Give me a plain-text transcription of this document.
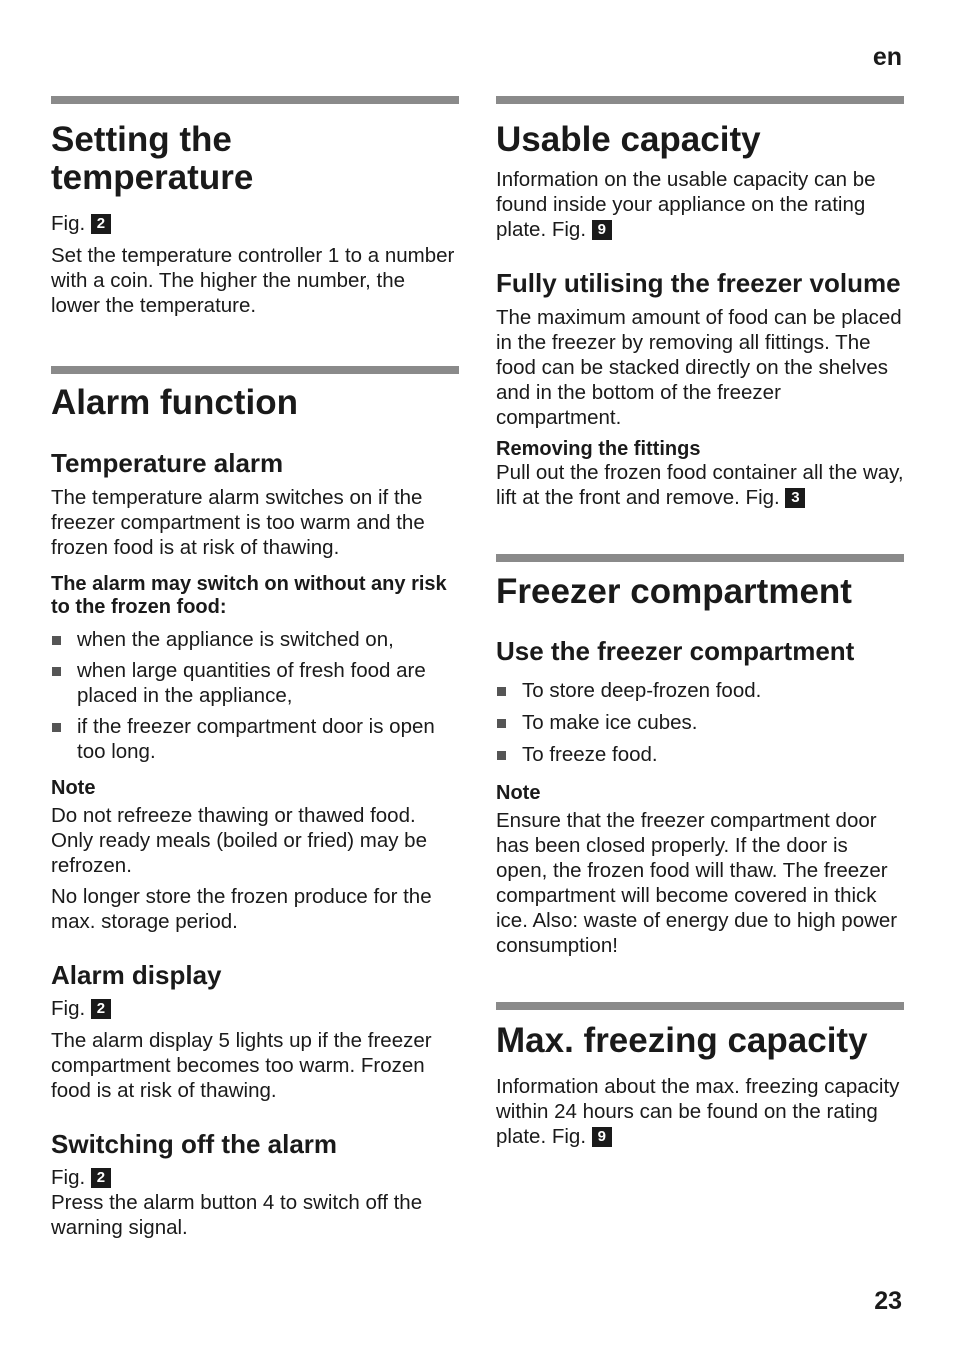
en
Setting the temperature

Fig. 2

Set the temperature controller 1 to a number with a coin. The higher the number, the lower the temperature.

Alarm function
Temperature alarm

The temperature alarm switches on if the freezer compartment is too warm and the frozen food is at risk of thawing.

The alarm may switch on without any risk to the frozen food:
when the appliance is switched on,
when large quantities of fresh food are placed in the appliance,
if the freezer compartment door is open too long.
Note

Do not refreeze thawing or thawed food. Only ready meals (boiled or fried) may be refrozen.

No longer store the frozen produce for the max. storage period.

Alarm display

Fig. 2

The alarm display 5 lights up if the freezer compartment becomes too warm. Frozen food is at risk of thawing.

Switching off the alarm

Fig. 2

Press the alarm button 4 to switch off the warning signal.

Usable capacity

Information on the usable capacity can be found inside your appliance on the rating plate. Fig. 9

Fully utilising the freezer volume

The maximum amount of food can be placed in the freezer by removing all fittings. The food can be stacked directly on the shelves and in the bottom of the freezer compartment.

Removing the fittings

Pull out the frozen food container all the way, lift at the front and remove. Fig. 3

Freezer compartment
Use the freezer compartment
To store deep-frozen food.
To make ice cubes.
To freeze food.
Note

Ensure that the freezer compartment door has been closed properly. If the door is open, the frozen food will thaw. The freezer compartment will become covered in thick ice. Also: waste of energy due to high power consumption!

Max. freezing capacity

Information about the max. freezing capacity within 24 hours can be found on the rating plate. Fig. 9

23
